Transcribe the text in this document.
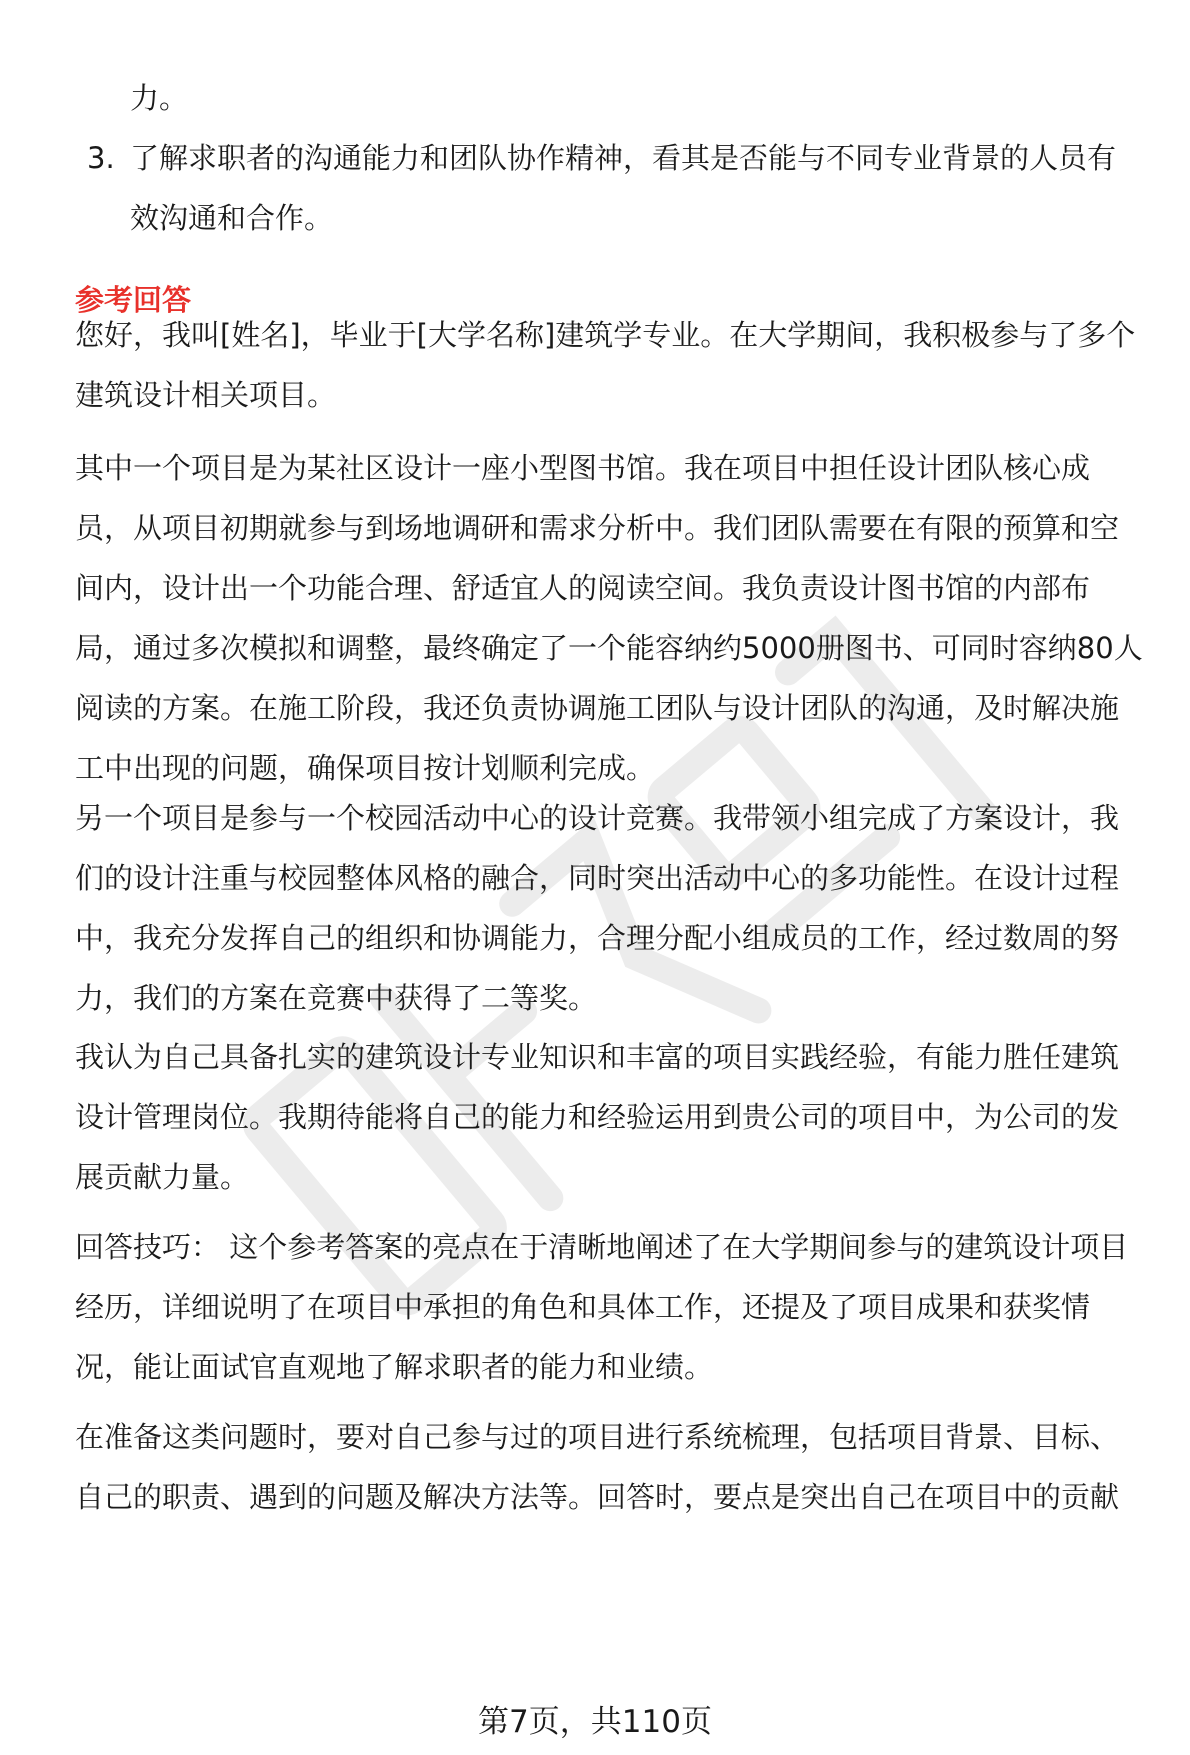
力。
3. 了解求职者的沟通能力和团队协作精神，看其是否能与不同专业背景的人员有
效沟通和合作。
参考回答
您好，我叫[姓名]，毕业于[大学名称]建筑学专业。在大学期间，我积极参与了多个
建筑设计相关项目。
其中一个项目是为某社区设计一座小型图书馆。我在项目中担任设计团队核心成
员，从项目初期就参与到场地调研和需求分析中。我们团队需要在有限的预算和空
间内，设计出一个功能合理、舒适宜人的阅读空间。我负责设计图书馆的内部布
局，通过多次模拟和调整，最终确定了一个能容纳约5000册图书、可同时容纳80人
阅读的方案。在施工阶段，我还负责协调施工团队与设计团队的沟通，及时解决施
工中出现的问题，确保项目按计划顺利完成。
另一个项目是参与一个校园活动中心的设计竞赛。我带领小组完成了方案设计，我
们的设计注重与校园整体风格的融合，同时突出活动中心的多功能性。在设计过程
中，我充分发挥自己的组织和协调能力，合理分配小组成员的工作，经过数周的努
力，我们的方案在竞赛中获得了二等奖。
我认为自己具备扎实的建筑设计专业知识和丰富的项目实践经验，有能力胜任建筑
设计管理岗位。我期待能将自己的能力和经验运用到贵公司的项目中，为公司的发
展贡献力量。
回答技巧： 这个参考答案的亮点在于清晰地阐述了在大学期间参与的建筑设计项目
经历，详细说明了在项目中承担的角色和具体工作，还提及了项目成果和获奖情
况，能让面试官直观地了解求职者的能力和业绩。
在准备这类问题时，要对自己参与过的项目进行系统梳理，包括项目背景、目标、
自己的职责、遇到的问题及解决方法等。回答时，要点是突出自己在项目中的贡献
第7页，共110页
